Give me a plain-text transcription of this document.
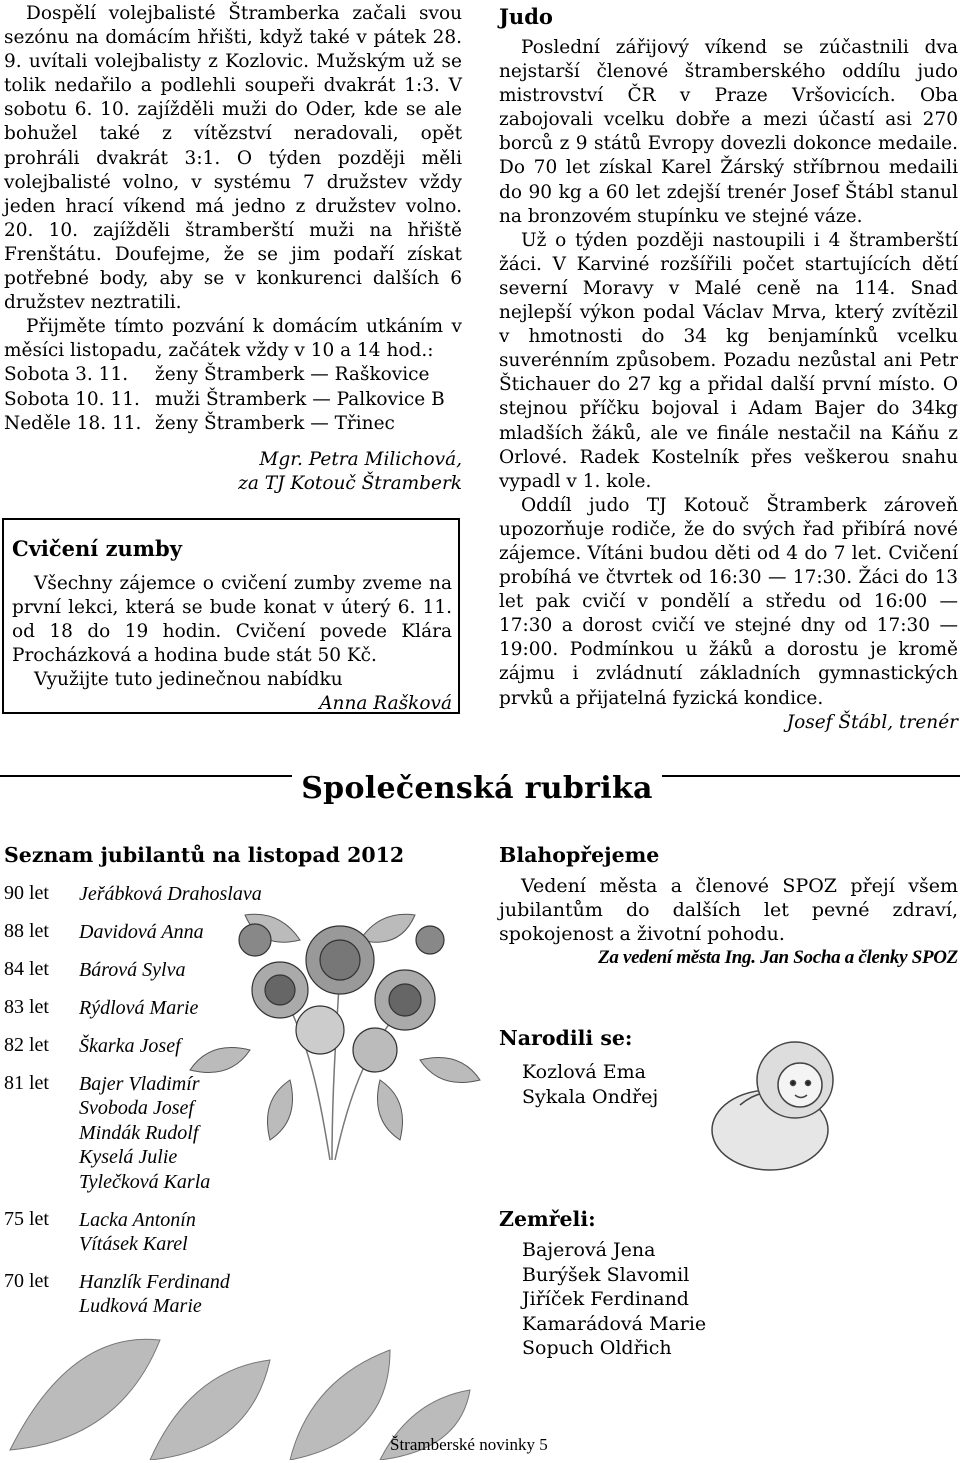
Dospělí volejbalisté Štramberka začali svou sezónu na domácím hřišti, když také v pátek 28. 9. uvítali volejbalisty z Kozlovic. Mužským už se tolik nedařilo a podlehli soupeři dvakrát 1:3. V sobotu 6. 10. zajížděli muži do Oder, kde se ale bohužel také z vítězství neradovali, opět prohráli dvakrát 3:1. O týden později měli volejbalisté volno, v systému 7 družstev vždy jeden hrací víkend má jedno z družstev volno. 20. 10. zajížděli štramberští muži na hřiště Frenštátu. Doufejme, že se jim podaří získat potřebné body, aby se v konkurenci dalších 6 družstev neztratili.

Přijměte tímto pozvání k domácím utkáním v měsíci listopadu, začátek vždy v 10 a 14 hod.:

Sobota 3. 11.	ženy Štramberk — Raškovice
Sobota 10. 11. muži Štramberk — Palkovice B
Neděle 18. 11. ženy Štramberk — Třinec

Mgr. Petra Milichová,

za TJ Kotouč Štramberk

Cvičení zumby

Všechny zájemce o cvičení zumby zveme na první lekci, která se bude konat v úterý 6. 11. od 18 do 19 hodin. Cvičení povede Klára Procházková a hodina bude stát 50 Kč.

Využijte tuto jedinečnou nabídku

Anna Rašková

Judo

Poslední zářijový víkend se zúčastnili dva nejstarší členové štramberského oddílu judo mistrovství ČR v Praze Vršovicích. Oba zabojovali vcelku dobře a mezi účastí asi 270 borců z 9 států Evropy dovezli dokonce medaile. Do 70 let získal Karel Žárský stříbrnou medaili do 90 kg a 60 let zdejší trenér Josef Štábl stanul na bronzovém stupínku ve stejné váze.

Už o týden později nastoupili i 4 štramberští žáci. V Karviné rozšířili počet startujících dětí severní Moravy v Malé ceně na 114. Snad nejlepší výkon podal Václav Mrva, který zvítězil v hmotnosti do 34 kg benjamínků vcelku suverénním způsobem. Pozadu nezůstal ani Petr Štichauer do 27 kg a přidal další první místo. O stejnou příčku bojoval i Adam Bajer do 34kg mladších žáků, ale ve finále nestačil na Káňu z Orlové. Radek Kostelník přes veškerou snahu vypadl v 1. kole.

Oddíl judo TJ Kotouč Štramberk zároveň upozorňuje rodiče, že do svých řad přibírá nové zájemce. Vítáni budou děti od 4 do 7 let. Cvičení probíhá ve čtvrtek od 16:30 — 17:30. Žáci do 13 let pak cvičí v pondělí a středu od 16:00 — 17:30 a dorost cvičí ve stejné dny od 17:30 — 19:00. Podmínkou u žáků a dorostu je kromě zájmu i zvládnutí základních gymnastických prvků a přijatelná fyzická kondice.

Josef Štábl, trenér

Společenská rubrika
Seznam jubilantů na listopad 2012
90 let	Jeřábková Drahoslava
88 let	Davidová Anna
84 let	Bárová Sylva
83 let	Rýdlová Marie
82 let	Škarka Josef
81 let	Bajer Vladimír
Svoboda Josef
Mindák Rudolf
Kyselá Julie
Tylečková Karla
75 let	Lacka Antonín
Vításek Karel
70 let	Hanzlík Ferdinand
Ludková Marie
Blahopřejeme

Vedení města a členové SPOZ přejí všem jubilantům do dalších let pevné zdraví, spokojenost a životní pohodu.

Za vedení města Ing. Jan Socha a členky SPOZ

Narodili se:
Kozlová Ema
Sykala Ondřej
Zemřeli:
Bajerová Jena
Burýšek Slavomil
Jiříček Ferdinand
Kamarádová Marie
Sopuch Oldřich
Štramberské novinky 5
